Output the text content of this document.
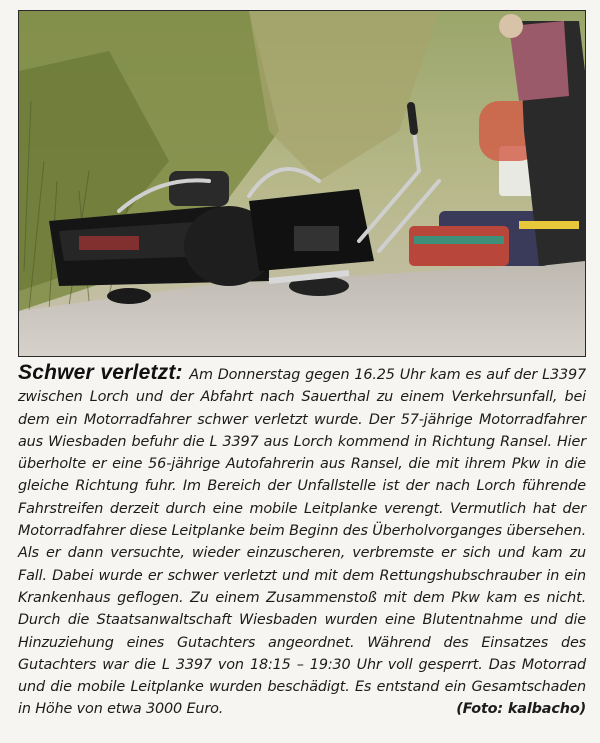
Schwer verletzt: Am Donnerstag gegen 16.25 Uhr kam es auf der L3397 zwischen Lorch und der Abfahrt nach Sauerthal zu einem Verkehrsunfall, bei dem ein Motorradfahrer schwer verletzt wurde. Der 57-jährige Motorradfahrer aus Wiesbaden befuhr die L 3397 aus Lorch kommend in Richtung Ransel. Hier überholte er eine 56-jährige Autofahrerin aus Ransel, die mit ihrem Pkw in die gleiche Richtung fuhr. Im Bereich der Unfallstelle ist der nach Lorch führende Fahrstreifen derzeit durch eine mobile Leitplanke verengt. Vermutlich hat der Motorradfahrer diese Leitplanke beim Beginn des Überholvorganges übersehen. Als er dann versuchte, wieder einzuscheren, verbremste er sich und kam zu Fall. Dabei wurde er schwer verletzt und mit dem Rettungshubschrauber in ein Krankenhaus geflogen. Zu einem Zusammenstoß mit dem Pkw kam es nicht. Durch die Staatsanwaltschaft Wiesbaden wurden eine Blutentnahme und die Hinzuziehung eines Gutachters angeordnet. Während des Einsatzes des Gutachters war die L 3397 von 18:15 – 19:30 Uhr voll gesperrt. Das Motorrad und die mobile Leitplanke wurden beschädigt. Es entstand ein Gesamtschaden in Höhe von etwa 3000 Euro.	(Foto: kalbacho)
